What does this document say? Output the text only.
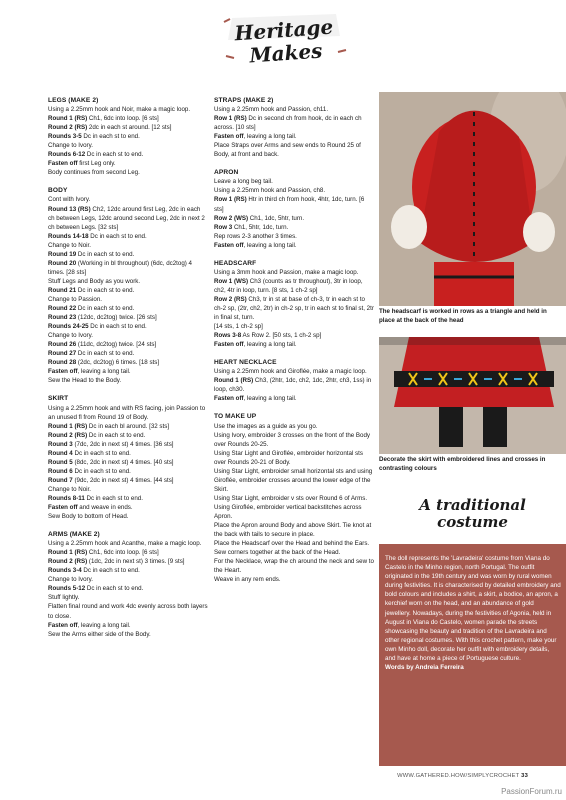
Heritage
Makes
LEGS (MAKE 2)
Using a 2.25mm hook and Noir, make a magic loop.
Round 1 (RS) Ch1, 6dc into loop. [6 sts]
Round 2 (RS) 2dc in each st around. [12 sts]
Rounds 3-5 Dc in each st to end.
Change to Ivory.
Rounds 6-12 Dc in each st to end.
Fasten off first Leg only.
Body continues from second Leg.
BODY
Cont with Ivory.
Round 13 (RS) Ch2, 12dc around first Leg, 2dc in each ch between Legs, 12dc around second Leg, 2dc in next 2 ch between Legs. [32 sts]
Rounds 14-18 Dc in each st to end.
Change to Noir.
Round 19 Dc in each st to end.
Round 20 (Working in bl throughout) (6dc, dc2tog) 4 times. [28 sts]
Stuff Legs and Body as you work.
Round 21 Dc in each st to end.
Change to Passion.
Round 22 Dc in each st to end.
Round 23 (12dc, dc2tog) twice. [26 sts]
Rounds 24-25 Dc in each st to end.
Change to Ivory.
Round 26 (11dc, dc2tog) twice. [24 sts]
Round 27 Dc in each st to end.
Round 28 (2dc, dc2tog) 6 times. [18 sts]
Fasten off, leaving a long tail.
Sew the Head to the Body.
SKIRT
Using a 2.25mm hook and with RS facing, join Passion to an unused fl from Round 19 of Body.
Round 1 (RS) Dc in each bl around. [32 sts]
Round 2 (RS) Dc in each st to end.
Round 3 (7dc, 2dc in next st) 4 times. [36 sts]
Round 4 Dc in each st to end.
Round 5 (8dc, 2dc in next st) 4 times. [40 sts]
Round 6 Dc in each st to end.
Round 7 (9dc, 2dc in next st) 4 times. [44 sts]
Change to Noir.
Rounds 8-11 Dc in each st to end.
Fasten off and weave in ends.
Sew Body to bottom of Head.
ARMS (MAKE 2)
Using a 2.25mm hook and Acanthe, make a magic loop.
Round 1 (RS) Ch1, 6dc into loop. [6 sts]
Round 2 (RS) (1dc, 2dc in next st) 3 times. [9 sts]
Rounds 3-4 Dc in each st to end.
Change to Ivory.
Rounds 5-12 Dc in each st to end.
Stuff lightly.
Flatten final round and work 4dc evenly across both layers to close.
Fasten off, leaving a long tail.
Sew the Arms either side of the Body.
STRAPS (MAKE 2)
Using a 2.25mm hook and Passion, ch11.
Row 1 (RS) Dc in second ch from hook, dc in each ch across. [10 sts]
Fasten off, leaving a long tail.
Place Straps over Arms and sew ends to Round 25 of Body, at front and back.
APRON
Leave a long beg tail.
Using a 2.25mm hook and Passion, ch8.
Row 1 (RS) Htr in third ch from hook, 4htr, 1dc, turn. [6 sts]
Row 2 (WS) Ch1, 1dc, 5htr, turn.
Row 3 Ch1, 5htr, 1dc, turn.
Rep rows 2-3 another 3 times.
Fasten off, leaving a long tail.
HEADSCARF
Using a 3mm hook and Passion, make a magic loop.
Row 1 (WS) Ch3 (counts as tr throughout), 3tr in loop, ch2, 4tr in loop, turn. [8 sts, 1 ch-2 sp]
Row 2 (RS) Ch3, tr in st at base of ch-3, tr in each st to ch-2 sp, (2tr, ch2, 2tr) in ch-2 sp, tr in each st to final st, 2tr in final st, turn.
[14 sts, 1 ch-2 sp]
Rows 3-8 As Row 2. [50 sts, 1 ch-2 sp]
Fasten off, leaving a long tail.
HEART NECKLACE
Using a 2.25mm hook and Giroflée, make a magic loop.
Round 1 (RS) Ch3, (2htr, 1dc, ch2, 1dc, 2htr, ch3, 1ss) in loop, ch30.
Fasten off, leaving a long tail.
TO MAKE UP
Use the images as a guide as you go.
Using Ivory, embroider 3 crosses on the front of the Body over Rounds 20-25.
Using Star Light and Giroflée, embroider horizontal sts over Rounds 20-21 of Body.
Using Star Light, embroider small horizontal sts and using Giroflée, embroider crosses around the lower edge of the Skirt.
Using Star Light, embroider v sts over Round 6 of Arms.
Using Giroflée, embroider vertical backstitches across Apron.
Place the Apron around Body and above Skirt. Tie knot at the back with tails to secure in place.
Place the Headscarf over the Head and behind the Ears. Sew corners together at the back of the Head.
For the Necklace, wrap the ch around the neck and sew to the Heart.
Weave in any rem ends.
The headscarf is worked in rows as a triangle and held in place at the back of the head
Decorate the skirt with embroidered lines and crosses in contrasting colours
A traditional
costume
The doll represents the 'Lavradeira' costume from Viana do Castelo in the Minho region, north Portugal. The outfit originated in the 19th century and was worn by rural women during festivities. It is characterised by detailed embroidery and bold colours and includes a shirt, a skirt, a bodice, an apron, a kerchief worn on the head, and an abundance of gold jewellery. Nowadays, during the festivities of Agonia, held in August in Viana do Castelo, women parade the streets showcasing the beauty and tradition of the Lavradeira and other regional costumes. With this crochet pattern, make your own Minho doll, decorate her outfit with embroidery details, and have at home a piece of Portuguese culture.
Words by Andreia Ferreira
WWW.GATHERED.HOW/SIMPLYCROCHET 33
PassionForum.ru
